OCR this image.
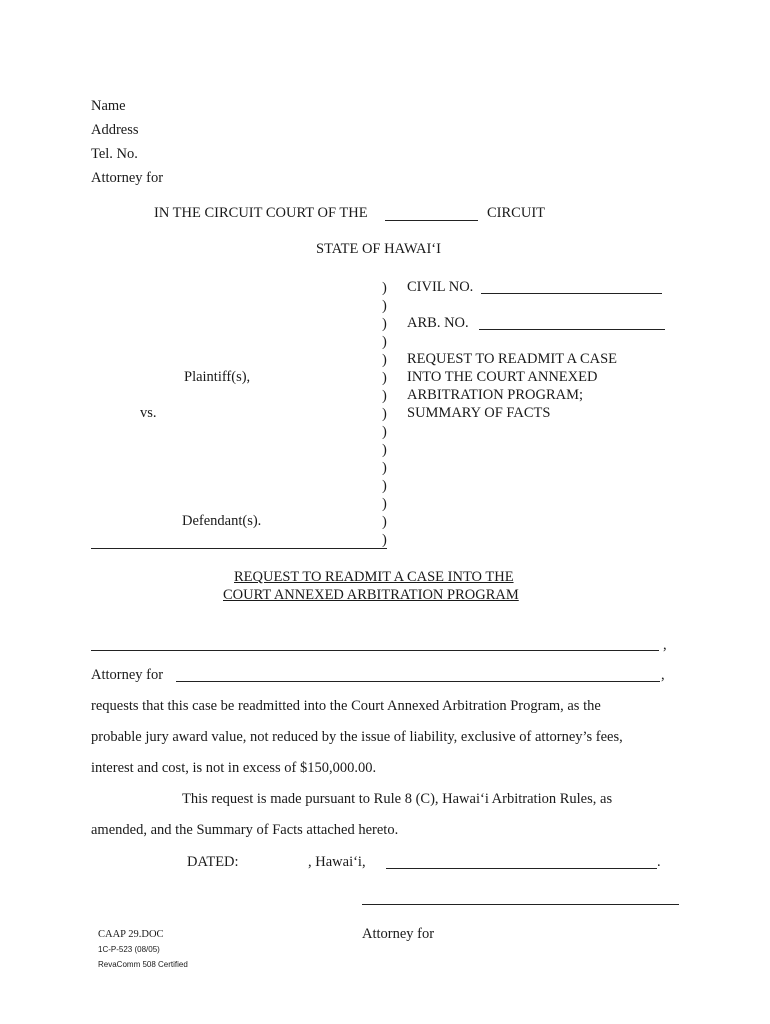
Name
Address
Tel. No.
Attorney for
IN THE CIRCUIT COURT OF THE	CIRCUIT
STATE OF HAWAI‘I
)
)
)
)
)
)
)
)
)
)
)
)
)
)
)
CIVIL NO.
ARB. NO.
REQUEST TO READMIT A CASE
INTO THE COURT ANNEXED
ARBITRATION PROGRAM;
SUMMARY OF FACTS
Plaintiff(s),
vs.
Defendant(s).
REQUEST TO READMIT A CASE INTO THE
COURT ANNEXED ARBITRATION PROGRAM
,
Attorney for	,
requests that this case be readmitted into the Court Annexed Arbitration Program, as the
probable jury award value, not reduced by the issue of liability, exclusive of attorney’s fees,
interest and cost, is not in excess of $150,000.00.
This request is made pursuant to Rule 8 (C), Hawai‘i Arbitration Rules, as
amended, and the Summary of Facts attached hereto.
DATED:	, Hawai‘i,	.
Attorney for
CAAP 29.DOC
1C-P-523 (08/05)
RevaComm 508 Certified
